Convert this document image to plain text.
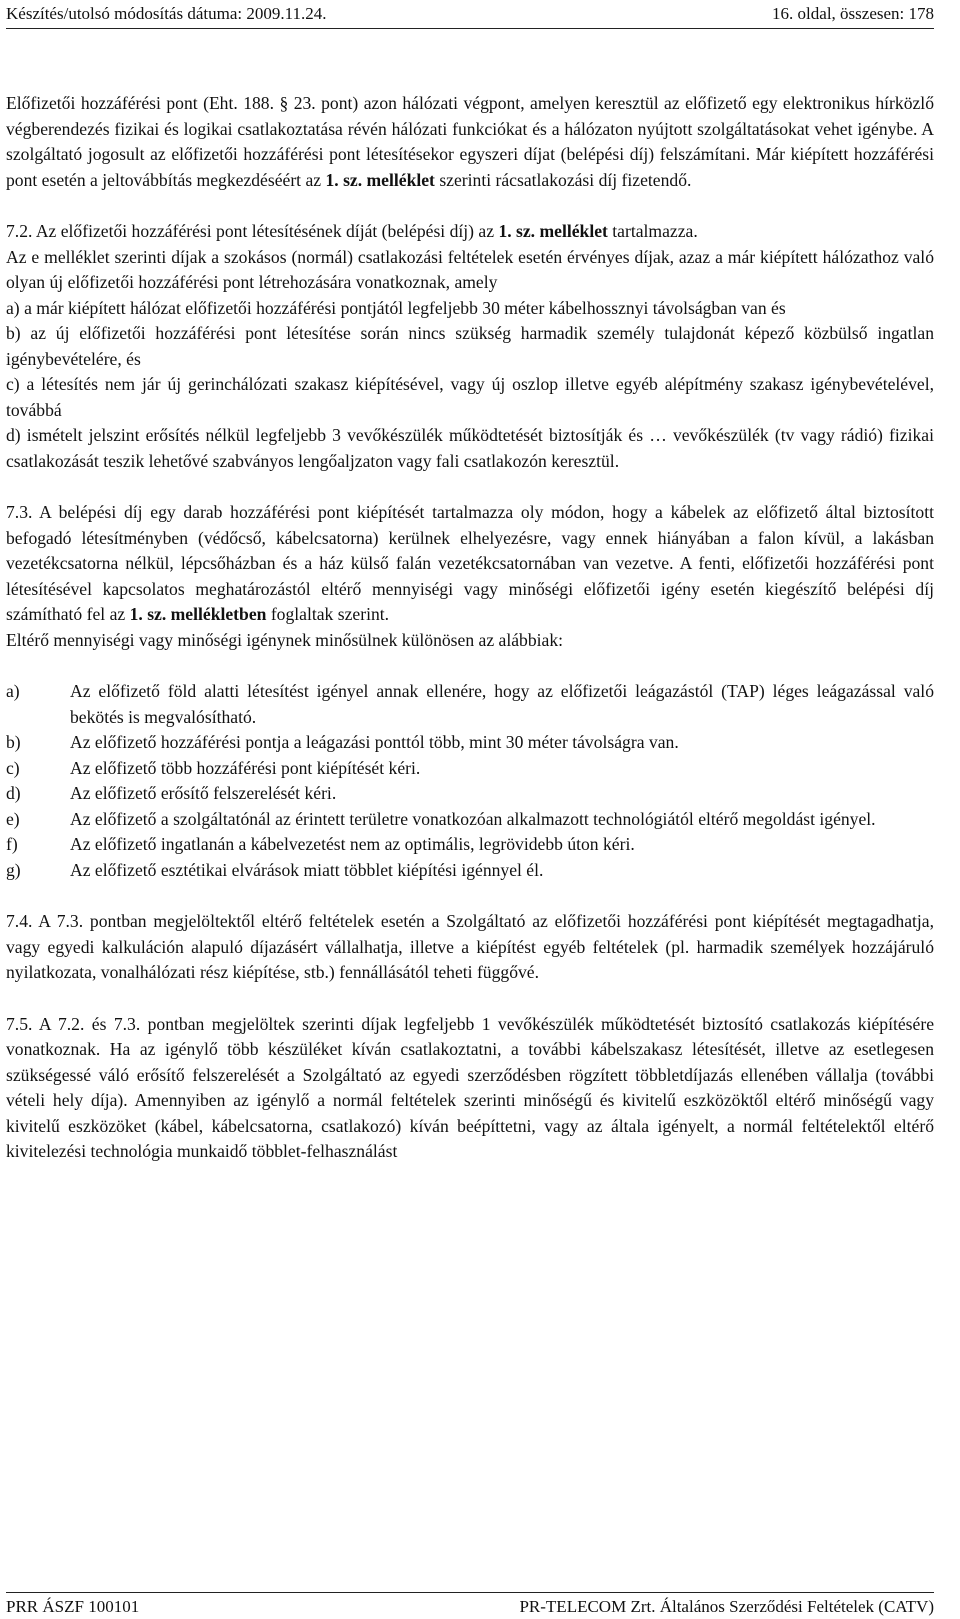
Készítés/utolsó módosítás dátuma: 2009.11.24.	16. oldal, összesen: 178

Előfizetői hozzáférési pont (Eht. 188. § 23. pont) azon hálózati végpont, amelyen keresztül az előfizető egy elektronikus hírközlő végberendezés fizikai és logikai csatlakoztatása révén hálózati funkciókat és a hálózaton nyújtott szolgáltatásokat vehet igénybe. A szolgáltató jogosult az előfizetői hozzáférési pont létesítésekor egyszeri díjat (belépési díj) felszámítani. Már kiépített hozzáférési pont esetén a jeltovábbítás megkezdéséért az 1. sz. melléklet szerinti rácsatlakozási díj fizetendő.

7.2. Az előfizetői hozzáférési pont létesítésének díját (belépési díj) az 1. sz. melléklet tartalmazza.

Az e melléklet szerinti díjak a szokásos (normál) csatlakozási feltételek esetén érvényes díjak, azaz a már kiépített hálózathoz való olyan új előfizetői hozzáférési pont létrehozására vonatkoznak, amely

a) a már kiépített hálózat előfizetői hozzáférési pontjától legfeljebb 30 méter kábelhossznyi távolságban van és

b) az új előfizetői hozzáférési pont létesítése során nincs szükség harmadik személy tulajdonát képező közbülső ingatlan igénybevételére, és

c) a létesítés nem jár új gerinchálózati szakasz kiépítésével, vagy új oszlop illetve egyéb alépítmény szakasz igénybevételével, továbbá

d) ismételt jelszint erősítés nélkül legfeljebb 3 vevőkészülék működtetését biztosítják és … vevőkészülék (tv vagy rádió) fizikai csatlakozását teszik lehetővé szabványos lengőaljzaton vagy fali csatlakozón keresztül.

7.3. A belépési díj egy darab hozzáférési pont kiépítését tartalmazza oly módon, hogy a kábelek az előfizető által biztosított befogadó létesítményben (védőcső, kábelcsatorna) kerülnek elhelyezésre, vagy ennek hiányában a falon kívül, a lakásban vezetékcsatorna nélkül, lépcsőházban és a ház külső falán vezetékcsatornában van vezetve. A fenti, előfizetői hozzáférési pont létesítésével kapcsolatos meghatározástól eltérő mennyiségi vagy minőségi előfizetői igény esetén kiegészítő belépési díj számítható fel az 1. sz. mellékletben foglaltak szerint.

Eltérő mennyiségi vagy minőségi igénynek minősülnek különösen az alábbiak:

a)	Az előfizető föld alatti létesítést igényel annak ellenére, hogy az előfizetői leágazástól (TAP) léges leágazással való bekötés is megvalósítható.
b)	Az előfizető hozzáférési pontja a leágazási ponttól több, mint 30 méter távolságra van.
c)	Az előfizető több hozzáférési pont kiépítését kéri.
d)	Az előfizető erősítő felszerelését kéri.
e)	Az előfizető a szolgáltatónál az érintett területre vonatkozóan alkalmazott technológiától eltérő megoldást igényel.
f)	Az előfizető ingatlanán a kábelvezetést nem az optimális, legrövidebb úton kéri.
g)	Az előfizető esztétikai elvárások miatt többlet kiépítési igénnyel él.

7.4. A 7.3. pontban megjelöltektől eltérő feltételek esetén a Szolgáltató az előfizetői hozzáférési pont kiépítését megtagadhatja, vagy egyedi kalkuláción alapuló díjazásért vállalhatja, illetve a kiépítést egyéb feltételek (pl. harmadik személyek hozzájáruló nyilatkozata, vonalhálózati rész kiépítése, stb.) fennállásától teheti függővé.

7.5. A 7.2. és 7.3. pontban megjelöltek szerinti díjak legfeljebb 1 vevőkészülék működtetését biztosító csatlakozás kiépítésére vonatkoznak. Ha az igénylő több készüléket kíván csatlakoztatni, a további kábelszakasz létesítését, illetve az esetlegesen szükségessé váló erősítő felszerelését a Szolgáltató az egyedi szerződésben rögzített többletdíjazás ellenében vállalja (további vételi hely díja). Amennyiben az igénylő a normál feltételek szerinti minőségű és kivitelű eszközöktől eltérő minőségű vagy kivitelű eszközöket (kábel, kábelcsatorna, csatlakozó) kíván beépíttetni, vagy az általa igényelt, a normál feltételektől eltérő kivitelezési technológia munkaidő többlet-felhasználást

PRR ÁSZF 100101	PR-TELECOM Zrt. Általános Szerződési Feltételek (CATV)
